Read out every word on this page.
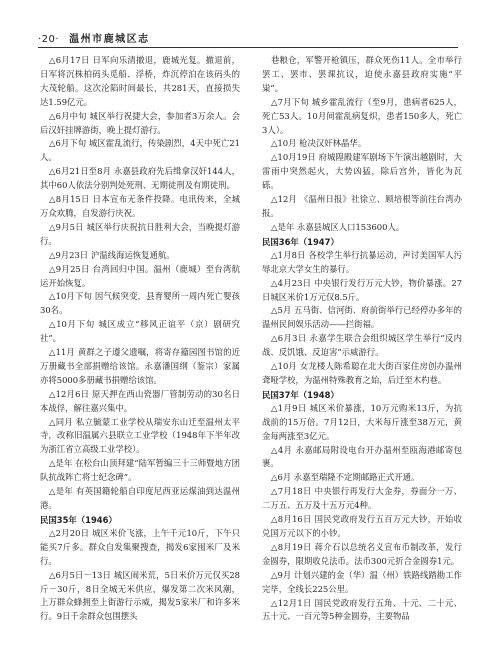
·20· 温州市鹿城区志

△6月17日 日军向乐清撤退，鹿城光复。撤退前，日军将沉株柏码头觅船、浮桥，炸沉停泊在该码头的大茂轮船。这次沦陷时间最长，共281天，直接损失达1.59亿元。

△6月中旬 城区举行祝捷大会，参加者3万余人。会后汉奸挂牌游街，晚上提灯游行。

△6月下旬 城区霍乱流行，传染剧烈，4天中死亡21人。

△6月21日至8月 永嘉县政府先后缉拿汉奸144人，其中60人依法分别判处死刑、无期徒刑及有期徒刑。

△8月15日 日本宣布无条件投降。电讯传来，全城万众欢腾，自发游行庆祝。

△9月5日 城区举行庆祝抗日胜利大会，当晚提灯游行。

△9月23日 沪温线海运恢复通航。

△9月25日 台湾回归中国。温州（鹿城）至台湾航运开始恢复。

△10月下旬 因气候突变，县育婴所一周内死亡婴孩30名。

△10月下旬 城区成立“移风正谊平（京）剧研究社”。

△11月 黄群之子遵父遗嘱，将寄存籀园图书馆的近万册藏书全部捐赠给该馆。永嘉潘国纲（鉴宗）家属亦将5000多册藏书捐赠给该馆。

△12月6日 原天押在西山瓷器厂管制劳动的30名日本战俘，解往嘉兴集中。

△同月 私立毓蒙工业学校从瑞安东山迁至温州太平寺，改称旧温属六县联立工业学校（1948年下半年改为浙江省立高级工业学校）。

△是年 在松台山顶拜建“陆军暂编三十三师暨地方团队抗战阵亡将士纪念碑”。

△是年 有英国籍轮船自印度尼西亚运煤油到达温州港。

民国35年（1946）

△2月20日 城区米价飞涨，上午千元10斤，下午只能买7斤多。群众自发集聚搜查，揭发6家囤米厂及米行。

△6月5日－13日 城区闹米荒，5日米价万元仅买28斤－30斤，8日全城无米供应，爆发第二次米风潮，上万群众蜂拥至上街游行示威，揭发5家米厂和许多米行。9日千余群众包围摆头

巷粮仓，军警开枪镇压，群众死伤11人。全市举行罢工、罢市、罢课抗议，迫使永嘉县政府实施“平粜”。

△7月下旬 城乡霍乱流行（至9月，患病者625人，死亡53人。10月间霍乱病复炽，患者150多人，死亡3人）。

△10月 枪决汉奸林晶华。

△10月19日 府城隍殿建军剧场下午演出越剧时，大雷雨中突然起火，大势凶猛，除后宫外，皆化为瓦砾。

△12月 《温州日报》社徐立、顾培根等前往台湾办报。

△是年 永嘉县城区人口153600人。

民国36年（1947）

△1月8日 各校学生举行抗暴运动，声讨美国军人污辱北京大学女生的暴行。

△4月23日 中央银行发行万元大钞，物价暴涨。27日城区米价1万元仅8.5斤。

△5月 五马街、信河街、府前街举行已经停办多年的温州民间娱乐活动——拦街福。

△6月3日 永嘉学生联合会组织城区学生举行“反内战、反饥饿、反迫害”示威游行。

△10月 女龙楼人陈希聪在北大街百家住房创办温州聋哑学校，为温州特殊教育之始，后迁至木杓巷。

民国37年（1948）

△1月9日 城区米价暴涨，10万元购米13斤，为抗战前的15万倍。7月12日，大米每斤涨至38万元，黄金每两涨至3亿元。

△4月 永嘉邮局附设电台开办温州至瓯海港邮寄包裹。

△6月 永嘉至瑞隆不定期邮路正式开通。

△7月18日 中央银行再发行大金券，券面分一万、二万五、五万及十五万元4种。

△8月16日 国民党政府发行五百万元大钞，开始收兑国万元以下的小钞。

△8月19日 蒋介石以总统名义宣布币制改革，发行金圆券，限期收兑法币。法币300元折合金圆券1元。

△9月 计划兴建的金（华）温（州）铁路线踏勘工作完毕，全线长225公里。

△12月1日 国民党政府发行五角、十元、二十元、五十元、一百元等5种金圆券，主要物品
